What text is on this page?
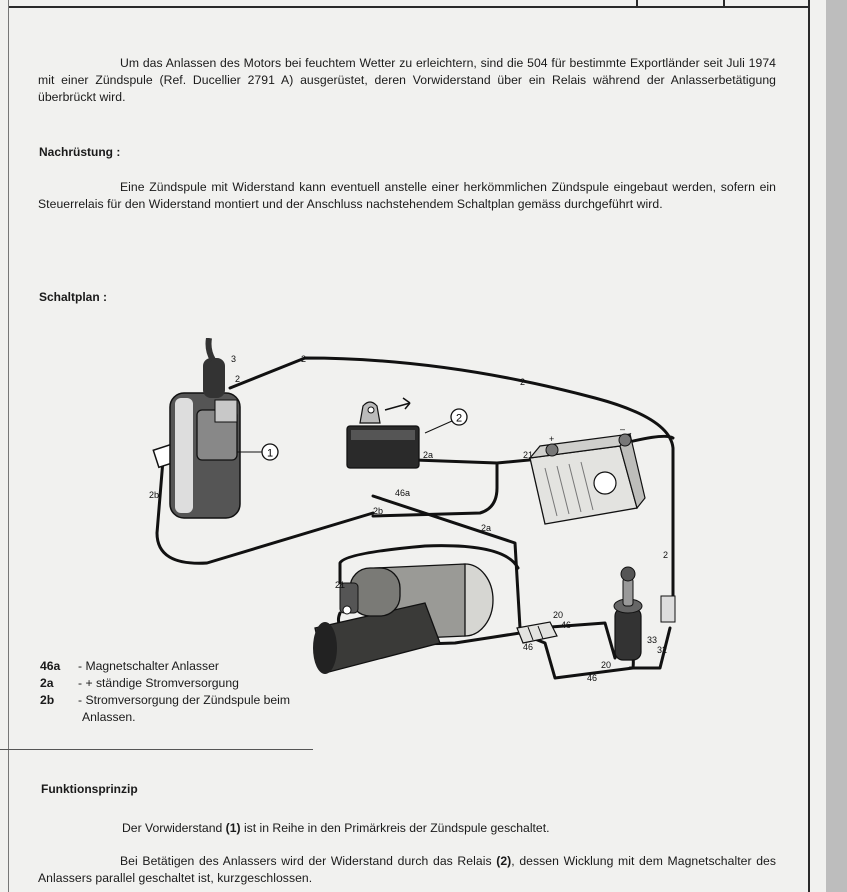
Um das Anlassen des Motors bei feuchtem Wetter zu erleichtern, sind die 504 für bestimmte Exportländer seit Juli 1974 mit einer Zündspule (Ref. Ducellier 2791 A) ausgerüstet, deren Vorwiderstand über ein Relais während der Anlasserbetätigung überbrückt wird.

Nachrüstung :

Eine Zündspule mit Widerstand kann eventuell anstelle einer herkömmlichen Zündspule eingebaut werden, sofern ein Steuerrelais für den Widerstand montiert und der Anschluss nachstehendem Schaltplan gemäss durchgeführt wird.

Schaltplan :

1
2
2
3
2	2
2a
46a
2b
2b
2a
2
21
21
20
46
46
20
46
33
32
+
–
46a - Magnetschalter Anlasser
2a - + ständige Stromversorgung
2b - Stromversorgung der Zündspule beim
Anlassen.

Funktionsprinzip

Der Vorwiderstand (1) ist in Reihe in den Primärkreis der Zündspule geschaltet.

Bei Betätigen des Anlassers wird der Widerstand durch das Relais (2), dessen Wicklung mit dem Magnetschalter des Anlassers parallel geschaltet ist, kurzgeschlossen.
